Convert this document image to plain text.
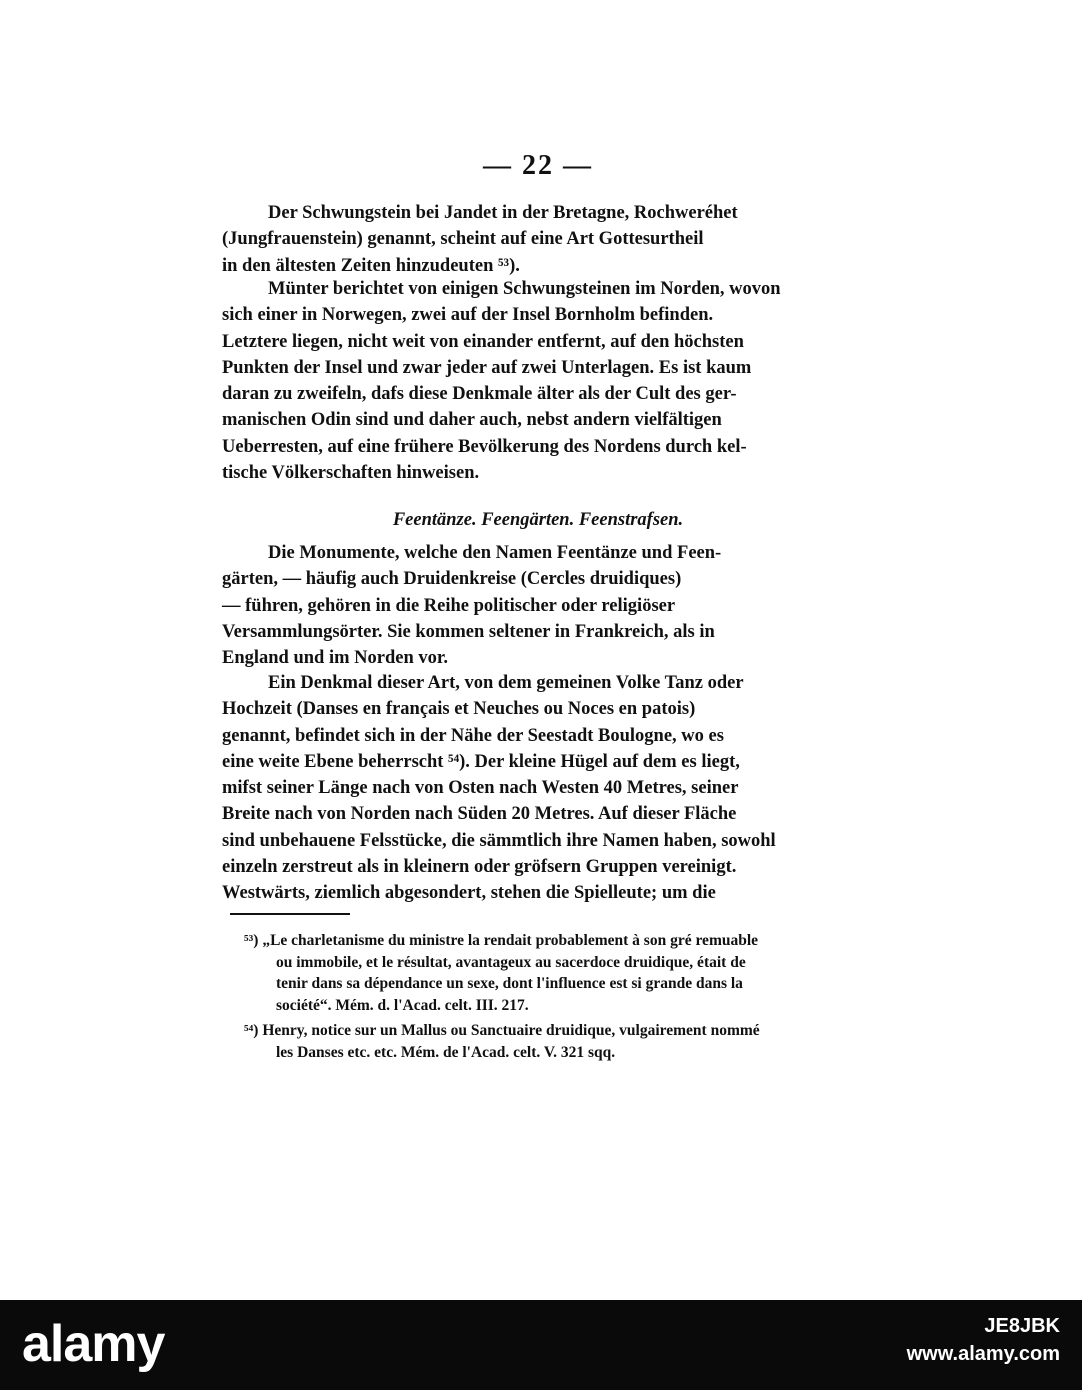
— 22 —
Der Schwungstein bei Jandet in der Bretagne, Rochweréhet
(Jungfrauenstein) genannt, scheint auf eine Art Gottesurtheil
in den ältesten Zeiten hinzudeuten ⁵³).
Münter berichtet von einigen Schwungsteinen im Norden, wovon
sich einer in Norwegen, zwei auf der Insel Bornholm befinden.
Letztere liegen, nicht weit von einander entfernt, auf den höchsten
Punkten der Insel und zwar jeder auf zwei Unterlagen. Es ist kaum
daran zu zweifeln, dafs diese Denkmale älter als der Cult des ger-
manischen Odin sind und daher auch, nebst andern vielfältigen
Ueberresten, auf eine frühere Bevölkerung des Nordens durch kel-
tische Völkerschaften hinweisen.
Feentänze. Feengärten. Feenstrafsen.
Die Monumente, welche den Namen Feentänze und Feen-
gärten, — häufig auch Druidenkreise (Cercles druidiques)
— führen, gehören in die Reihe politischer oder religiöser
Versammlungsörter. Sie kommen seltener in Frankreich, als in
England und im Norden vor.
Ein Denkmal dieser Art, von dem gemeinen Volke Tanz oder
Hochzeit (Danses en français et Neuches ou Noces en patois)
genannt, befindet sich in der Nähe der Seestadt Boulogne, wo es
eine weite Ebene beherrscht ⁵⁴). Der kleine Hügel auf dem es liegt,
mifst seiner Länge nach von Osten nach Westen 40 Metres, seiner
Breite nach von Norden nach Süden 20 Metres. Auf dieser Fläche
sind unbehauene Felsstücke, die sämmtlich ihre Namen haben, sowohl
einzeln zerstreut als in kleinern oder gröfsern Gruppen vereinigt.
Westwärts, ziemlich abgesondert, stehen die Spielleute; um die
⁵³) „Le charletanisme du ministre la rendait probablement à son gré remuable
ou immobile, et le résultat, avantageux au sacerdoce druidique, était de
tenir dans sa dépendance un sexe, dont l'influence est si grande dans la
société“. Mém. d. l'Acad. celt. III. 217.
⁵⁴) Henry, notice sur un Mallus ou Sanctuaire druidique, vulgairement nommé
les Danses etc. etc. Mém. de l'Acad. celt. V. 321 sqq.
alamy	JE8JBK
www.alamy.com
